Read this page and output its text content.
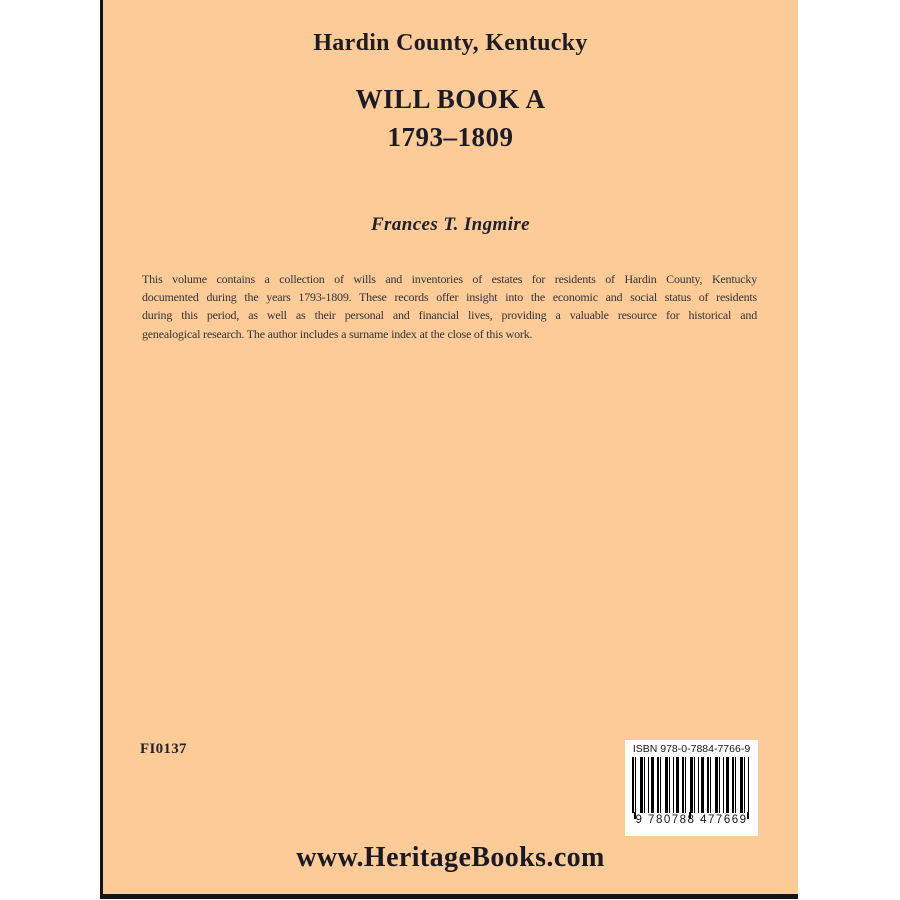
Hardin County, Kentucky
WILL BOOK A
1793–1809
Frances T. Ingmire
This volume contains a collection of wills and inventories of estates for residents of Hardin County, Kentucky
documented during the years 1793-1809. These records offer insight into the economic and social status of residents
during this period, as well as their personal and financial lives, providing a valuable resource for historical and
genealogical research. The author includes a surname index at the close of this work.
FI0137	ISBN 978-0-7884-7766-9
9 780788 477669
www.HeritageBooks.com
